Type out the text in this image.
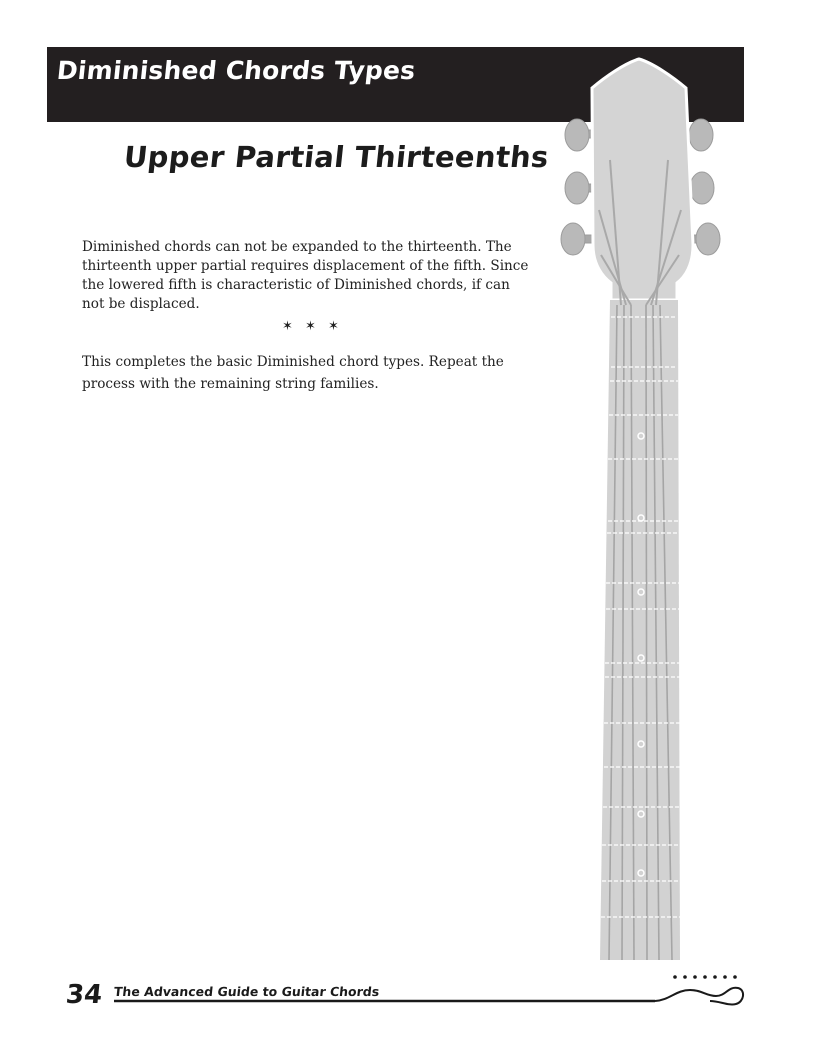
Diminished Chords Types
Upper Partial Thirteenths

Diminished chords can not be expanded to the thirteenth. The
thirteenth upper partial requires displacement of the fifth. Since
the lowered fifth is characteristic of Diminished chords, if can
not be displaced.

✶ ✶ ✶

This completes the basic Diminished chord types. Repeat the
process with the remaining string families.

34 The Advanced Guide to Guitar Chords
